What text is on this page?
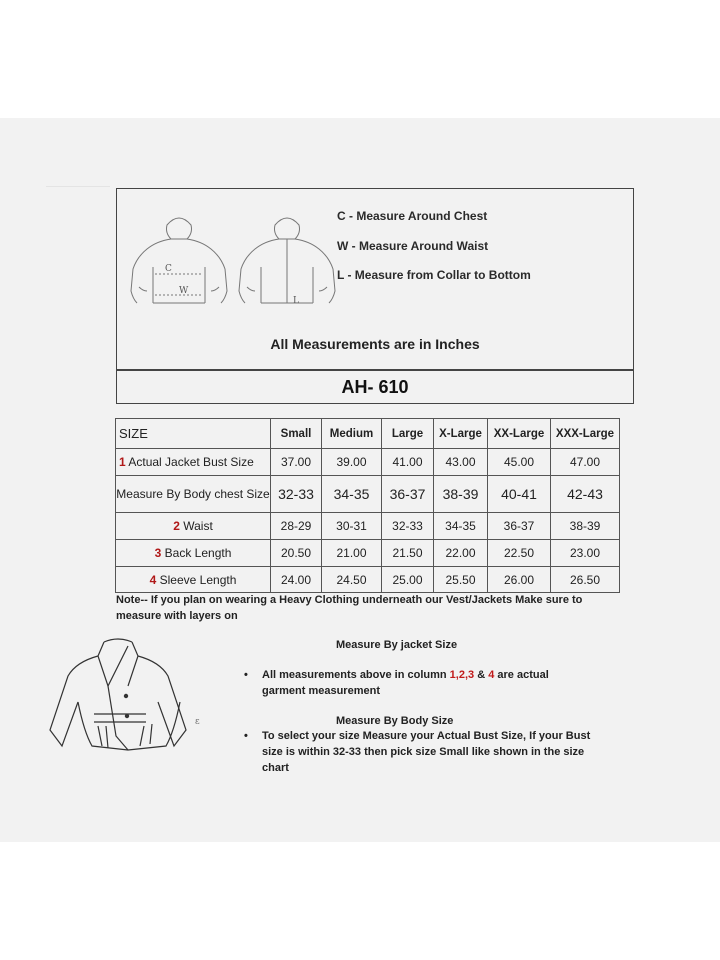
C
W
L
C - Measure Around Chest
W - Measure Around Waist
L - Measure from Collar to Bottom
All Measurements are in Inches
AH- 610
SIZE	Small	Medium	Large	X-Large	XX-Large	XXX-Large
1 Actual Jacket Bust Size	37.00	39.00	41.00	43.00	45.00	47.00
Measure By Body chest Size	32-33	34-35	36-37	38-39	40-41	42-43
2 Waist	28-29	30-31	32-33	34-35	36-37	38-39
3 Back Length	20.50	21.00	21.50	22.00	22.50	23.00
4 Sleeve Length	24.00	24.50	25.00	25.50	26.00	26.50
Note-- If you plan on wearing a Heavy Clothing underneath our Vest/Jackets Make sure to measure with layers on
ɛ
Measure By jacket Size
• All measurements above in column 1,2,3 & 4 are actual garment measurement
Measure By Body Size
• To select your size Measure your Actual Bust Size, If your Bust size is within 32-33 then pick size Small like shown in the size chart
